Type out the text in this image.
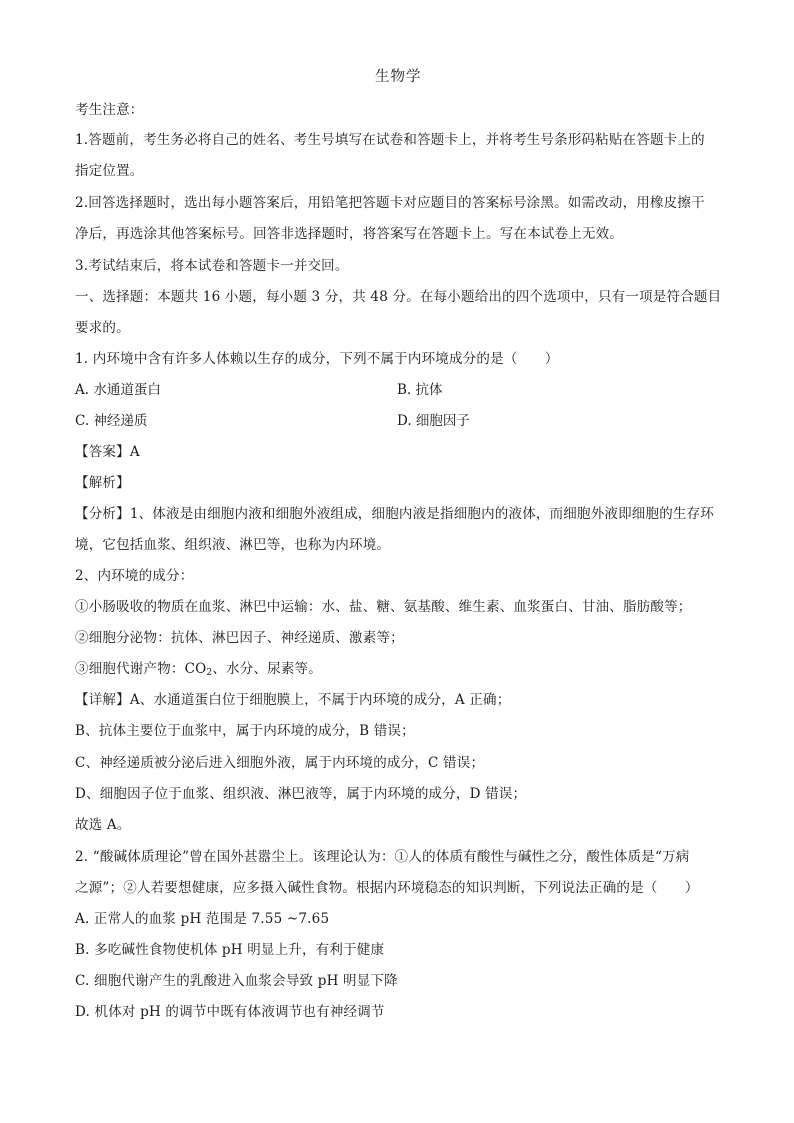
生物学
考生注意：
1.答题前，考生务必将自己的姓名、考生号填写在试卷和答题卡上，并将考生号条形码粘贴在答题卡上的
指定位置。
2.回答选择题时，选出每小题答案后，用铅笔把答题卡对应题目的答案标号涂黑。如需改动，用橡皮擦干
净后，再选涂其他答案标号。回答非选择题时，将答案写在答题卡上。写在本试卷上无效。
3.考试结束后，将本试卷和答题卡一并交回。
一、选择题：本题共 16 小题，每小题 3 分，共 48 分。在每小题给出的四个选项中，只有一项是符合题目
要求的。
1. 内环境中含有许多人体赖以生存的成分，下列不属于内环境成分的是（　　）
A. 水通道蛋白	B. 抗体
C. 神经递质	D. 细胞因子
【答案】A
【解析】
【分析】1、体液是由细胞内液和细胞外液组成，细胞内液是指细胞内的液体，而细胞外液即细胞的生存环
境，它包括血浆、组织液、淋巴等，也称为内环境。
2、内环境的成分：
①小肠吸收的物质在血浆、淋巴中运输：水、盐、糖、氨基酸、维生素、血浆蛋白、甘油、脂肪酸等；
②细胞分泌物：抗体、淋巴因子、神经递质、激素等；
③细胞代谢产物：$CO_2$、水分、尿素等。
【详解】A、水通道蛋白位于细胞膜上，不属于内环境的成分，A 正确；
B、抗体主要位于血浆中，属于内环境的成分，B 错误；
C、神经递质被分泌后进入细胞外液，属于内环境的成分，C 错误；
D、细胞因子位于血浆、组织液、淋巴液等，属于内环境的成分，D 错误；
故选 A。
2. “酸碱体质理论”曾在国外甚嚣尘上。该理论认为：①人的体质有酸性与碱性之分，酸性体质是“万病
之源”；②人若要想健康，应多摄入碱性食物。根据内环境稳态的知识判断，下列说法正确的是（　　）
A. 正常人的血浆 pH 范围是 7.55 ~7.65
B. 多吃碱性食物使机体 pH 明显上升，有利于健康
C. 细胞代谢产生的乳酸进入血浆会导致 pH 明显下降
D. 机体对 pH 的调节中既有体液调节也有神经调节
